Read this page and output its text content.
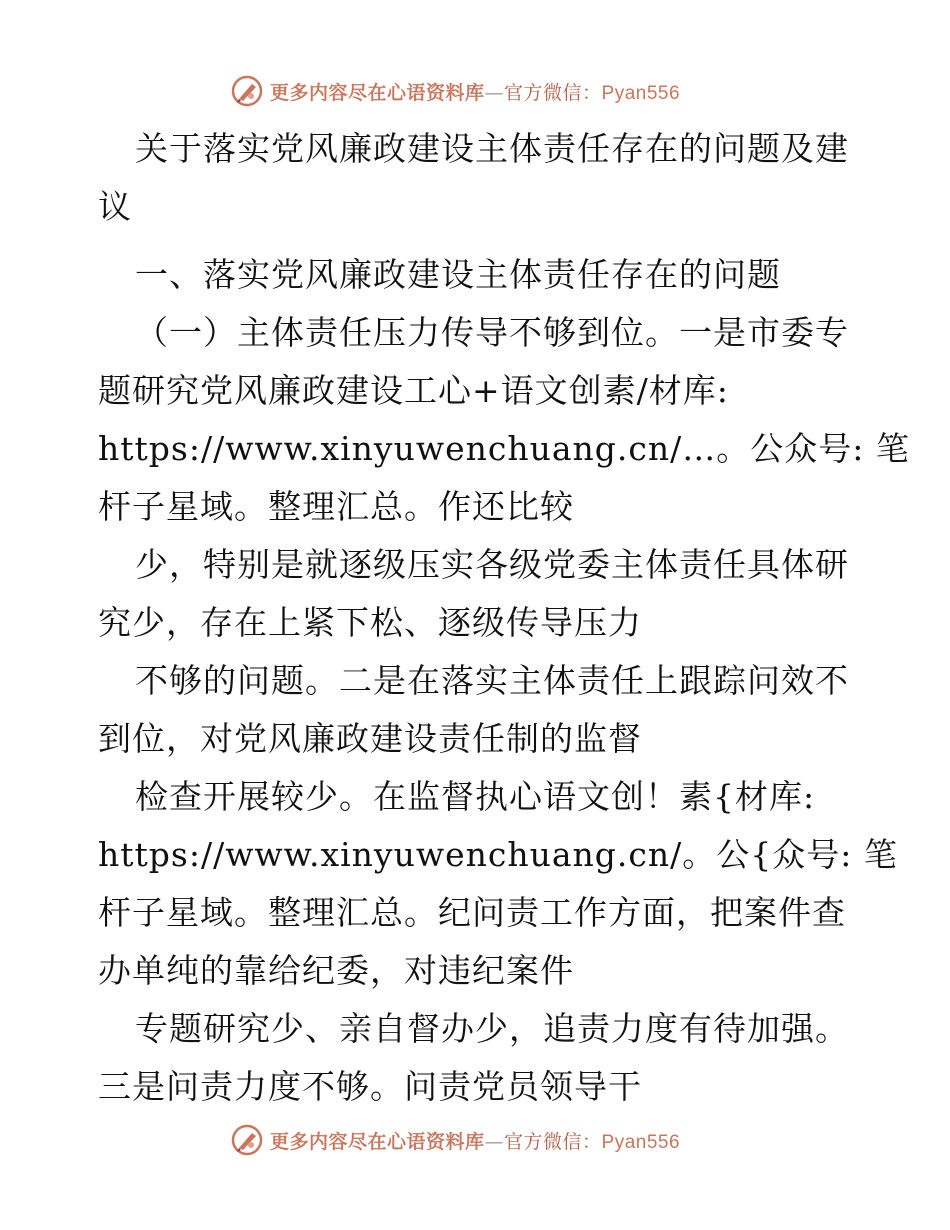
更多内容尽在心语资料库—官方微信：Pyan556
关于落实党风廉政建设主体责任存在的问题及建
议
一、落实党风廉政建设主体责任存在的问题
（一）主体责任压力传导不够到位。一是市委专
题研究党风廉政建设工心+语文创素/材库:
https://www.xinyuwenchuang.cn/…。公众号: 笔
杆子星域。整理汇总。作还比较
少，特别是就逐级压实各级党委主体责任具体研
究少，存在上紧下松、逐级传导压力
不够的问题。二是在落实主体责任上跟踪问效不
到位，对党风廉政建设责任制的监督
检查开展较少。在监督执心语文创！素{材库:
https://www.xinyuwenchuang.cn/。公{众号: 笔
杆子星域。整理汇总。纪问责工作方面，把案件查
办单纯的靠给纪委，对违纪案件
专题研究少、亲自督办少，追责力度有待加强。
三是问责力度不够。问责党员领导干
更多内容尽在心语资料库—官方微信：Pyan556
